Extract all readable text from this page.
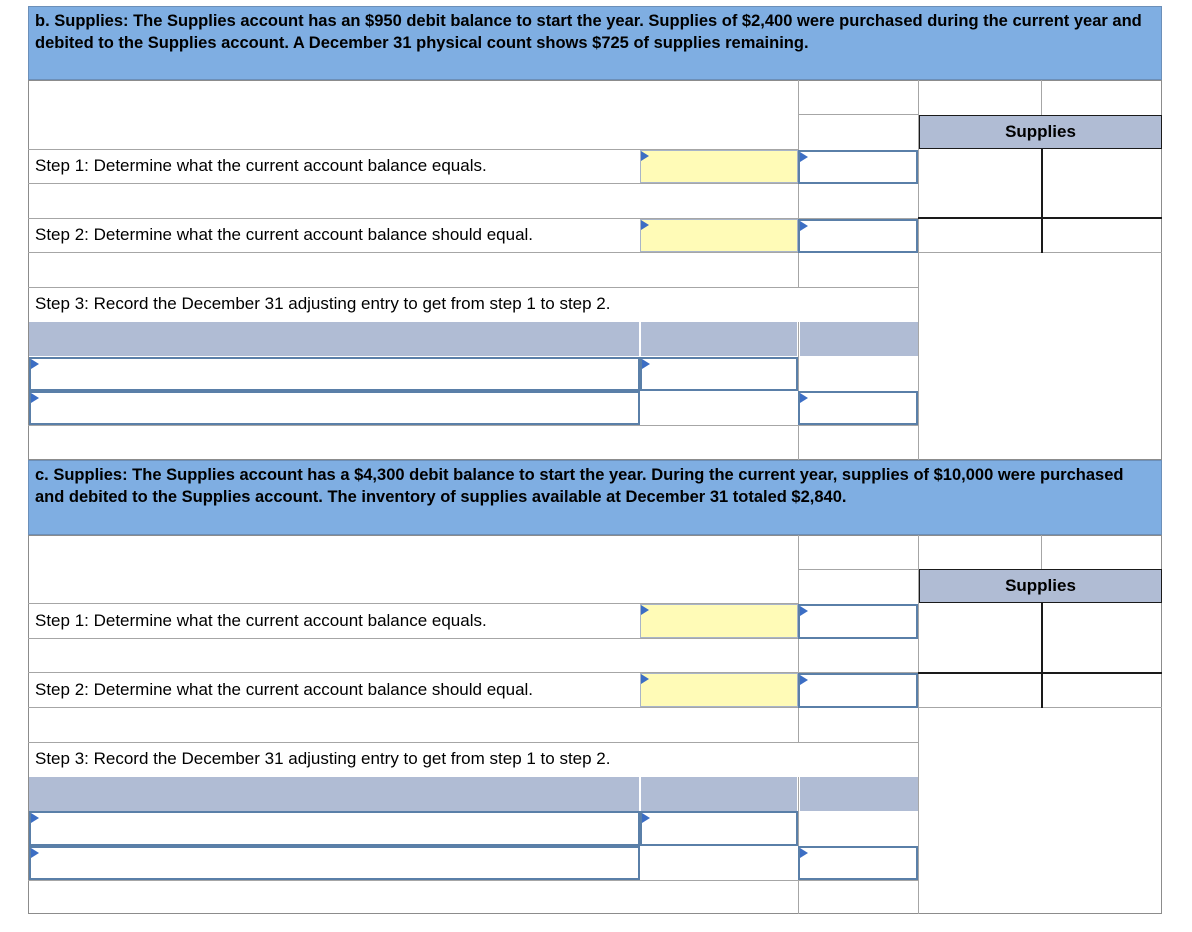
b. Supplies: The Supplies account has an $950 debit balance to start the year. Supplies of $2,400 were purchased during the current year and debited to the Supplies account. A December 31 physical count shows $725 of supplies remaining.
Supplies
Step 1: Determine what the current account balance equals.
Step 2: Determine what the current account balance should equal.
Step 3: Record the December 31 adjusting entry to get from step 1 to step 2.
c. Supplies: The Supplies account has a $4,300 debit balance to start the year. During the current year, supplies of $10,000 were purchased and debited to the Supplies account. The inventory of supplies available at December 31 totaled $2,840.
Supplies
Step 1: Determine what the current account balance equals.
Step 2: Determine what the current account balance should equal.
Step 3: Record the December 31 adjusting entry to get from step 1 to step 2.
